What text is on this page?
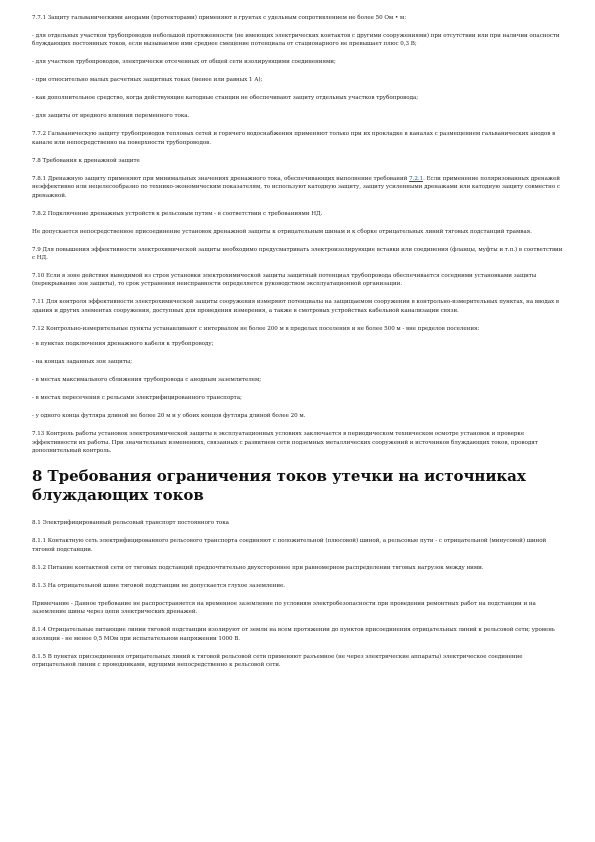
7.7.1 Защиту гальваническими анодами (протекторами) применяют в грунтах с удельным сопротивлением не более 50 Ом • м:

- для отдельных участков трубопроводов небольшой протяженности (не имеющих электрических контактов с другими сооружениями) при отсутствии или при наличии опасности блуждающих постоянных токов, если вызываемое ими среднее смещение потенциала от стационарного не превышает плюс 0,3 В;

- для участков трубопроводов, электрически отсеченных от общей сети изолирующими соединениями;

- при относительно малых расчетных защитных токах (менее или равных 1 А);

- как дополнительное средство, когда действующие катодные станции не обеспечивают защиту отдельных участков трубопровода;

- для защиты от вредного влияния переменного тока.

7.7.2 Гальваническую защиту трубопроводов тепловых сетей и горячего водоснабжения применяют только при их прокладке в каналах с размещением гальванических анодов в канале или непосредственно на поверхности трубопроводов.

7.8 Требования к дренажной защите

7.8.1 Дренажную защиту применяют при минимальных значениях дренажного тока, обеспечивающих выполнение требований 7.2.1. Если применение поляризованных дренажей неэффективно или нецелесообразно по технико-экономическим показателям, то используют катодную защиту, защиту усиленными дренажами или катодную защиту совместно с дренажной.

7.8.2 Подключение дренажных устройств к рельсовым путям - в соответствии с требованиями НД.

Не допускается непосредственное присоединение установок дренажной защиты к отрицательным шинам и к сборке отрицательных линий тяговых подстанций трамвая.

7.9 Для повышения эффективности электрохимической защиты необходимо предусматривать электроизолирующие вставки или соединения (фланцы, муфты и т.п.) в соответствии с НД.

7.10 Если в зоне действия выводимой из строя установки электрохимической защиты защитный потенциал трубопровода обеспечивается соседними установками защиты (перекрывание зон защиты), то срок устранения неисправности определяется руководством эксплуатационной организации.

7.11 Для контроля эффективности электрохимической защиты сооружения измеряют потенциалы на защищаемом сооружении в контрольно-измерительных пунктах, на вводах в здания и других элементах сооружения, доступных для проведения измерения, а также в смотровых устройствах кабельной канализации связи.

7.12 Контрольно-измерительные пункты устанавливают с интервалом не более 200 м в пределах поселения и не более 500 м - вне пределов поселения:

- в пунктах подключения дренажного кабеля к трубопроводу;

- на концах заданных зон защиты;

- в местах максимального сближения трубопровода с анодным заземлителем;

- в местах пересечения с рельсами электрифицированного транспорта;

- у одного конца футляра длиной не более 20 м и у обоих концов футляра длиной более 20 м.

7.13 Контроль работы установок электрохимической защиты в эксплуатационных условиях заключается в периодическом техническом осмотре установок и проверке эффективности их работы. При значительных изменениях, связанных с развитием сети подземных металлических сооружений и источников блуждающих токов, проводят дополнительный контроль.

8 Требования ограничения токов утечки на источниках блуждающих токов

8.1 Электрифицированный рельсовый транспорт постоянного тока

8.1.1 Контактную сеть электрифицированного рельсового транспорта соединяют с положительной (плюсовой) шиной, а рельсовые пути - с отрицательной (минусовой) шиной тяговой подстанции.

8.1.2 Питание контактной сети от тяговых подстанций предпочтительно двухстороннее при равномерном распределении тяговых нагрузок между ними.

8.1.3 На отрицательной шине тяговой подстанции не допускается глухое заземление.

Примечание - Данное требование не распространяется на временное заземление по условиям электробезопасности при проведении ремонтных работ на подстанции и на заземление шины через цепи электрических дренажей.

8.1.4 Отрицательные питающие линии тяговой подстанции изолируют от земли на всем протяжении до пунктов присоединения отрицательных линий к рельсовой сети; уровень изоляции - не менее 0,5 МОм при испытательном напряжении 1000 В.

8.1.5 В пунктах присоединения отрицательных линий к тяговой рельсовой сети применяют разъемное (не через электрические аппараты) электрическое соединение отрицательной линии с проводниками, идущими непосредственно к рельсовой сети.
